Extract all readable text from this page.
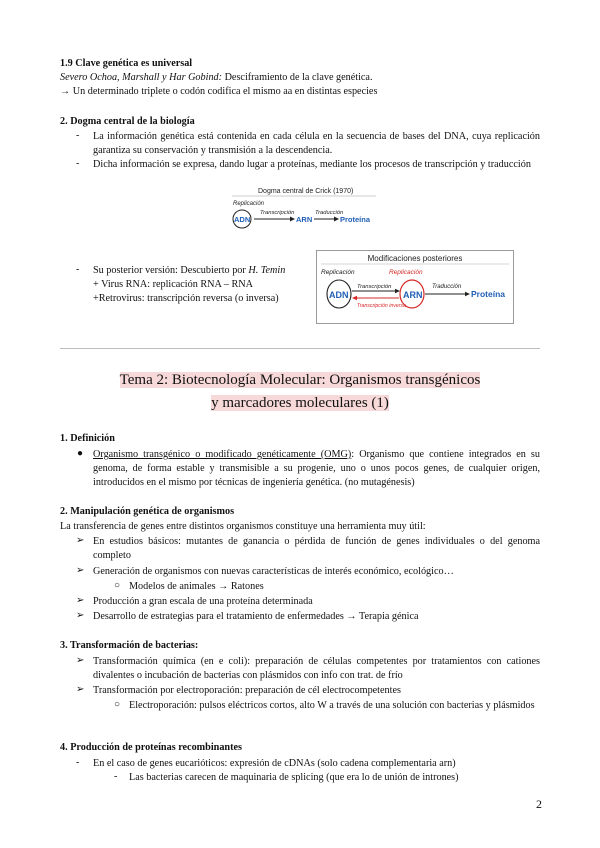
1.9 Clave genética es universal
Severo Ochoa, Marshall y Har Gobind: Desciframiento de la clave genética.
→ Un determinado triplete o codón codifica el mismo aa en distintas especies
2. Dogma central de la biología
- La información genética está contenida en cada célula en la secuencia de bases del DNA, cuya replicación garantiza su conservación y transmisión a la descendencia.
- Dicha información se expresa, dando lugar a proteínas, mediante los procesos de transcripción y traducción
Dogma central de Crick (1970)
Replicación
ADN
Transcripción
ARN
Traducción
Proteína
- Su posterior versión: Descubierto por H. Temin
+ Virus RNA: replicación RNA – RNA
+Retrovirus: transcripción reversa (o inversa)
Modificaciones posteriores
Replicación	Replicación
ADN	ARN
Transcripción
Transcripción inversa
Traducción
Proteína
Tema 2: Biotecnología Molecular: Organismos transgénicos
y marcadores moleculares (1)
1. Definición
● Organismo transgénico o modificado genéticamente (OMG): Organismo que contiene integrados en su genoma, de forma estable y transmisible a su progenie, uno o unos pocos genes, de cualquier origen, introducidos en el mismo por técnicas de ingeniería genética. (no mutagénesis)
2. Manipulación genética de organismos
La transferencia de genes entre distintos organismos constituye una herramienta muy útil:
➢ En estudios básicos: mutantes de ganancia o pérdida de función de genes individuales o del genoma completo
➢ Generación de organismos con nuevas características de interés económico, ecológico…
○ Modelos de animales → Ratones
➢ Producción a gran escala de una proteína determinada
➢ Desarrollo de estrategias para el tratamiento de enfermedades → Terapia génica
3. Transformación de bacterias:
➢ Transformación química (en e coli): preparación de células competentes por tratamientos con cationes divalentes o incubación de bacterias con plásmidos con info con trat. de frío
➢ Transformación por electroporación: preparación de cél electrocompetentes
○ Electroporación: pulsos eléctricos cortos, alto W a través de una solución con bacterias y plásmidos
4. Producción de proteínas recombinantes
- En el caso de genes eucarióticos: expresión de cDNAs (solo cadena complementaria arn)
- Las bacterias carecen de maquinaria de splicing (que era lo de unión de intrones)
2
